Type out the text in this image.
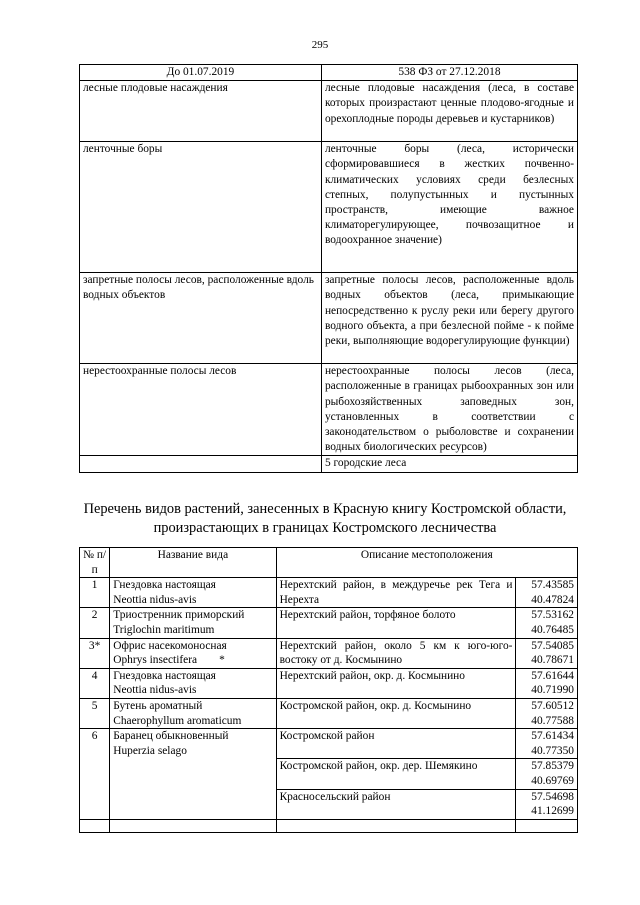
295
До 01.07.2019	538 ФЗ от 27.12.2018
лесные плодовые насаждения	лесные плодовые насаждения (леса, в составе которых произрастают ценные плодово-ягодные и орехоплодные породы деревьев и кустарников)
ленточные боры	ленточные боры (леса, исторически сформировавшиеся в жестких почвенно-климатических условиях среди безлесных степных, полупустынных и пустынных пространств, имеющие важное климаторегулирующее, почвозащитное и водоохранное значение)
запретные полосы лесов, расположенные вдоль водных объектов	запретные полосы лесов, расположенные вдоль водных объектов (леса, примыкающие непосредственно к руслу реки или берегу другого водного объекта, а при безлесной пойме - к пойме реки, выполняющие водорегулирующие функции)
нерестоохранные полосы лесов	нерестоохранные полосы лесов (леса, расположенные в границах рыбоохранных зон или рыбохозяйственных заповедных зон, установленных в соответствии с законодательством о рыболовстве и сохранении водных биологических ресурсов)
	5 городские леса
Перечень видов растений, занесенных в Красную книгу Костромской области, произрастающих в границах Костромского лесничества
№ п/п	Название вида	Описание местоположения	
1	Гнездовка настоящая
Neottia nidus-avis	Нерехтский район, в междуречье рек Тега и Нерехта	57.43585
40.47824
2	Триостренник приморский
Triglochin maritimum	Нерехтский район, торфяное болото	57.53162
40.76485
3*	Офрис насекомоносная
Ophrys insectifera *	Нерехтский район, около 5 км к юго-юго-востоку от д. Космынино	57.54085
40.78671
4	Гнездовка настоящая
Neottia nidus-avis	Нерехтский район, окр. д. Космынино	57.61644
40.71990
5	Бутень ароматный
Chaerophyllum aromaticum	Костромской район, окр. д. Космынино	57.60512
40.77588
6	Баранец обыкновенный
Huperzia selago	Костромской район	57.61434
40.77350
		Костромской район, окр. дер. Шемякино	57.85379
40.69769
		Красносельский район	57.54698
41.12699
